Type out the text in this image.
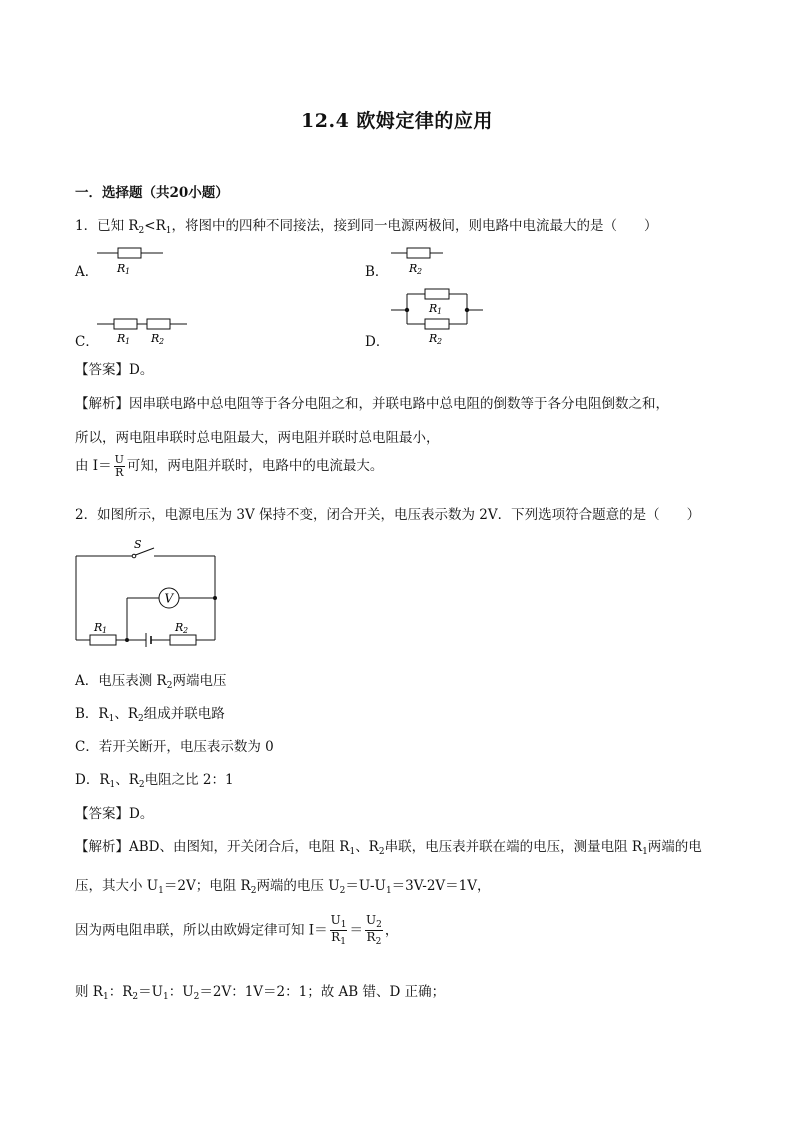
12.4 欧姆定律的应用
一．选择题（共20小题）
1．已知 $R_2<R_1$，将图中的四种不同接法，接到同一电源两极间，则电路中电流最大的是（　　）
A． R 1	B． R 2
C． R 1 R 2	D．
R 1
R 2
【答案】D。
【解析】因串联电路中总电阻等于各分电阻之和，并联电路中总电阻的倒数等于各分电阻倒数之和，
所以，两电阻串联时总电阻最大，两电阻并联时总电阻最小，
由 $I= \frac{U}{R}$ 可知，两电阻并联时，电路中的电流最大。
2．如图所示，电源电压为 3V 保持不变，闭合开关，电压表示数为 2V．下列选项符合题意的是（　　）
S
V
R 1	R 2
A．电压表测 $R_2$两端电压
B．$R_1$、$R_2$组成并联电路
C．若开关断开，电压表示数为 0
D．$R_1$、$R_2$电阻之比 2：1
【答案】D。
【解析】ABD、由图知，开关闭合后，电阻 $R_1$、$R_2$串联，电压表并联在端的电压，测量电阻 $R_1$两端的电
压，其大小 $U_1=2V$；电阻 $R_2$两端的电压 $U_2=U-U_1=3V-2V=1V$，
因为两电阻串联，所以由欧姆定律可知 $I= \frac{U_1}{R_1} = \frac{U_2}{R_2}$ ，
则 $R_1$：$R_2=U_1$：$U_2=2V$：1V＝2：1；故 AB 错、D 正确；
